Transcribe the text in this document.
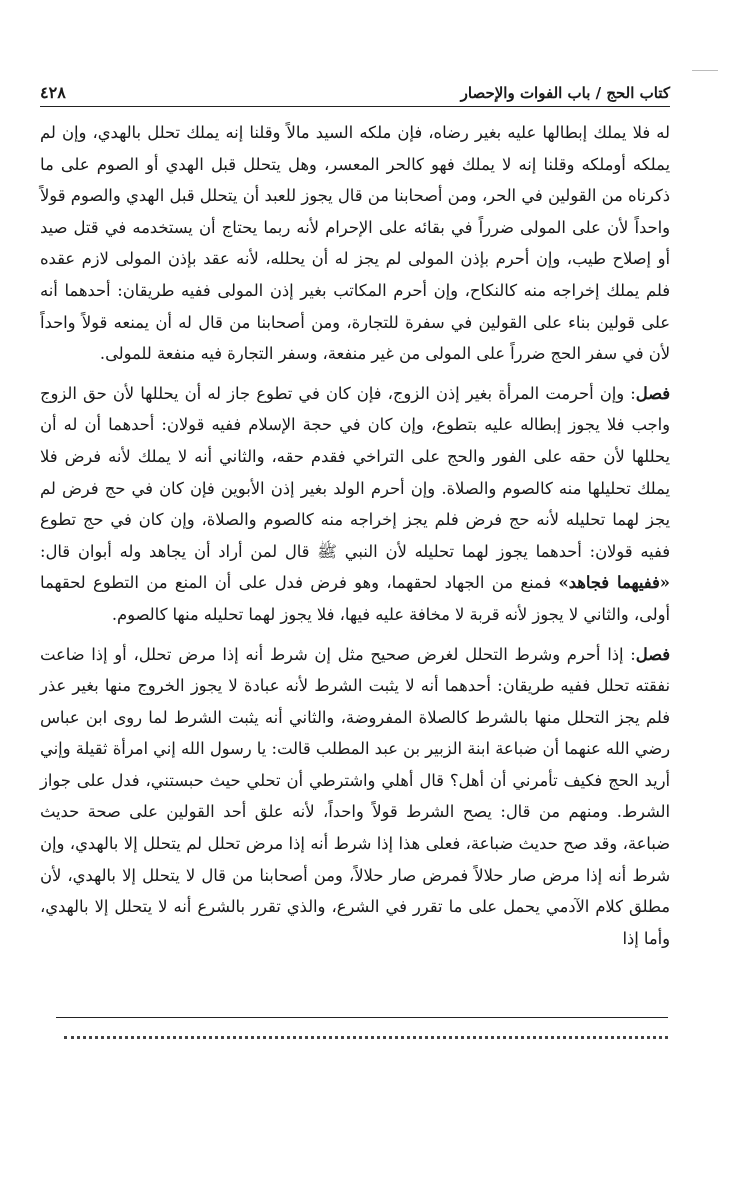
كتاب الحج / باب الفوات والإحصار
٤٢٨

له فلا يملك إبطالها عليه بغير رضاه، فإن ملكه السيد مالاً وقلنا إنه يملك تحلل بالهدي، وإن لم يملكه أوملكه وقلنا إنه لا يملك فهو كالحر المعسر، وهل يتحلل قبل الهدي أو الصوم على ما ذكرناه من القولين في الحر، ومن أصحابنا من قال يجوز للعبد أن يتحلل قبل الهدي والصوم قولاً واحداً لأن على المولى ضرراً في بقائه على الإحرام لأنه ربما يحتاج أن يستخدمه في قتل صيد أو إصلاح طيب، وإن أحرم بإذن المولى لم يجز له أن يحلله، لأنه عقد بإذن المولى لازم عقده فلم يملك إخراجه منه كالنكاح، وإن أحرم المكاتب بغير إذن المولى ففيه طريقان: أحدهما أنه على قولين بناء على القولين في سفرة للتجارة، ومن أصحابنا من قال له أن يمنعه قولاً واحداً لأن في سفر الحج ضرراً على المولى من غير منفعة، وسفر التجارة فيه منفعة للمولى.

فصل: وإن أحرمت المرأة بغير إذن الزوج، فإن كان في تطوع جاز له أن يحللها لأن حق الزوج واجب فلا يجوز إبطاله عليه بتطوع، وإن كان في حجة الإسلام ففيه قولان: أحدهما أن له أن يحللها لأن حقه على الفور والحج على التراخي فقدم حقه، والثاني أنه لا يملك لأنه فرض فلا يملك تحليلها منه كالصوم والصلاة. وإن أحرم الولد بغير إذن الأبوين فإن كان في حج فرض لم يجز لهما تحليله لأنه حج فرض فلم يجز إخراجه منه كالصوم والصلاة، وإن كان في حج تطوع ففيه قولان: أحدهما يجوز لهما تحليله لأن النبي ﷺ قال لمن أراد أن يجاهد وله أبوان قال: «ففيهما فجاهد» فمنع من الجهاد لحقهما، وهو فرض فدل على أن المنع من التطوع لحقهما أولى، والثاني لا يجوز لأنه قربة لا مخافة عليه فيها، فلا يجوز لهما تحليله منها كالصوم.

فصل: إذا أحرم وشرط التحلل لغرض صحيح مثل إن شرط أنه إذا مرض تحلل، أو إذا ضاعت نفقته تحلل ففيه طريقان: أحدهما أنه لا يثبت الشرط لأنه عبادة لا يجوز الخروج منها بغير عذر فلم يجز التحلل منها بالشرط كالصلاة المفروضة، والثاني أنه يثبت الشرط لما روى ابن عباس رضي الله عنهما أن ضباعة ابنة الزبير بن عبد المطلب قالت: يا رسول الله إني امرأة ثقيلة وإني أريد الحج فكيف تأمرني أن أهل؟ قال أهلي واشترطي أن تحلي حيث حبستني، فدل على جواز الشرط. ومنهم من قال: يصح الشرط قولاً واحداً، لأنه علق أحد القولين على صحة حديث ضباعة، وقد صح حديث ضباعة، فعلى هذا إذا شرط أنه إذا مرض تحلل لم يتحلل إلا بالهدي، وإن شرط أنه إذا مرض صار حلالاً فمرض صار حلالاً، ومن أصحابنا من قال لا يتحلل إلا بالهدي، لأن مطلق كلام الآدمي يحمل على ما تقرر في الشرع، والذي تقرر بالشرع أنه لا يتحلل إلا بالهدي، وأما إذا
